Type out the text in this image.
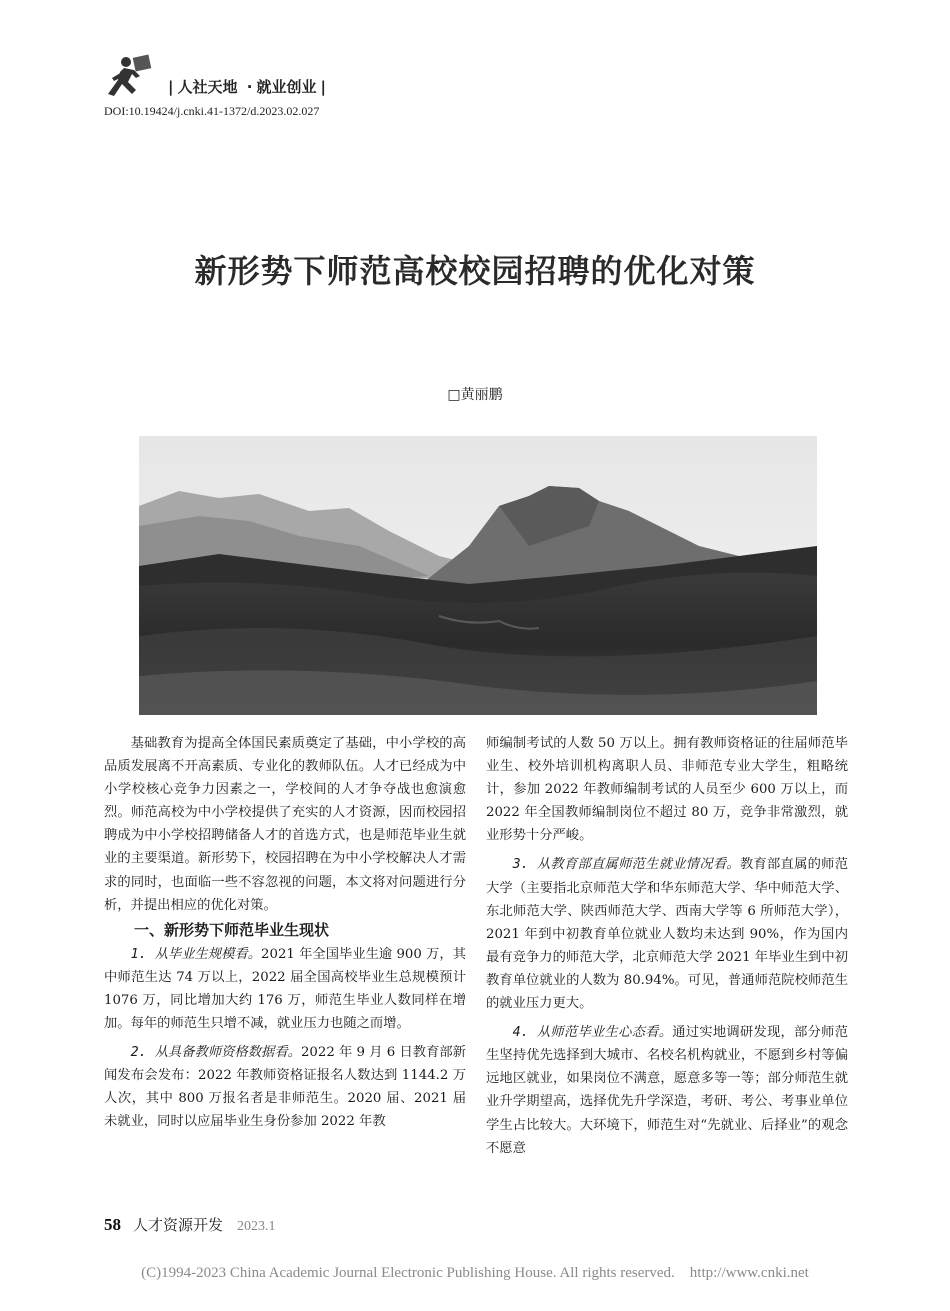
| 人社天地 · 就业创业 |
DOI:10.19424/j.cnki.41-1372/d.2023.02.027
新形势下师范高校校园招聘的优化对策
□黄丽鹏

基础教育为提高全体国民素质奠定了基础，中小学校的高品质发展离不开高素质、专业化的教师队伍。人才已经成为中小学校核心竞争力因素之一，学校间的人才争夺战也愈演愈烈。师范高校为中小学校提供了充实的人才资源，因而校园招聘成为中小学校招聘储备人才的首选方式，也是师范毕业生就业的主要渠道。新形势下，校园招聘在为中小学校解决人才需求的同时，也面临一些不容忽视的问题，本文将对问题进行分析，并提出相应的优化对策。

一、新形势下师范毕业生现状

1. 从毕业生规模看。2021 年全国毕业生逾 900 万，其中师范生达 74 万以上，2022 届全国高校毕业生总规模预计 1076 万，同比增加大约 176 万，师范生毕业人数同样在增加。每年的师范生只增不减，就业压力也随之而增。

2. 从具备教师资格数据看。2022 年 9 月 6 日教育部新闻发布会发布：2022 年教师资格证报名人数达到 1144.2 万人次，其中 800 万报名者是非师范生。2020 届、2021 届未就业，同时以应届毕业生身份参加 2022 年教

师编制考试的人数 50 万以上。拥有教师资格证的往届师范毕业生、校外培训机构离职人员、非师范专业大学生，粗略统计，参加 2022 年教师编制考试的人员至少 600 万以上，而 2022 年全国教师编制岗位不超过 80 万，竞争非常激烈，就业形势十分严峻。

3. 从教育部直属师范生就业情况看。教育部直属的师范大学（主要指北京师范大学和华东师范大学、华中师范大学、东北师范大学、陕西师范大学、西南大学等 6 所师范大学），2021 年到中初教育单位就业人数均未达到 90%，作为国内最有竞争力的师范大学，北京师范大学 2021 年毕业生到中初教育单位就业的人数为 80.94%。可见，普通师范院校师范生的就业压力更大。

4. 从师范毕业生心态看。通过实地调研发现，部分师范生坚持优先选择到大城市、名校名机构就业，不愿到乡村等偏远地区就业，如果岗位不满意，愿意多等一等；部分师范生就业升学期望高，选择优先升学深造，考研、考公、考事业单位学生占比较大。大环境下，师范生对“先就业、后择业”的观念不愿意

58 人才资源开发 2023.1
(C)1994-2023 China Academic Journal Electronic Publishing House. All rights reserved.    http://www.cnki.net
